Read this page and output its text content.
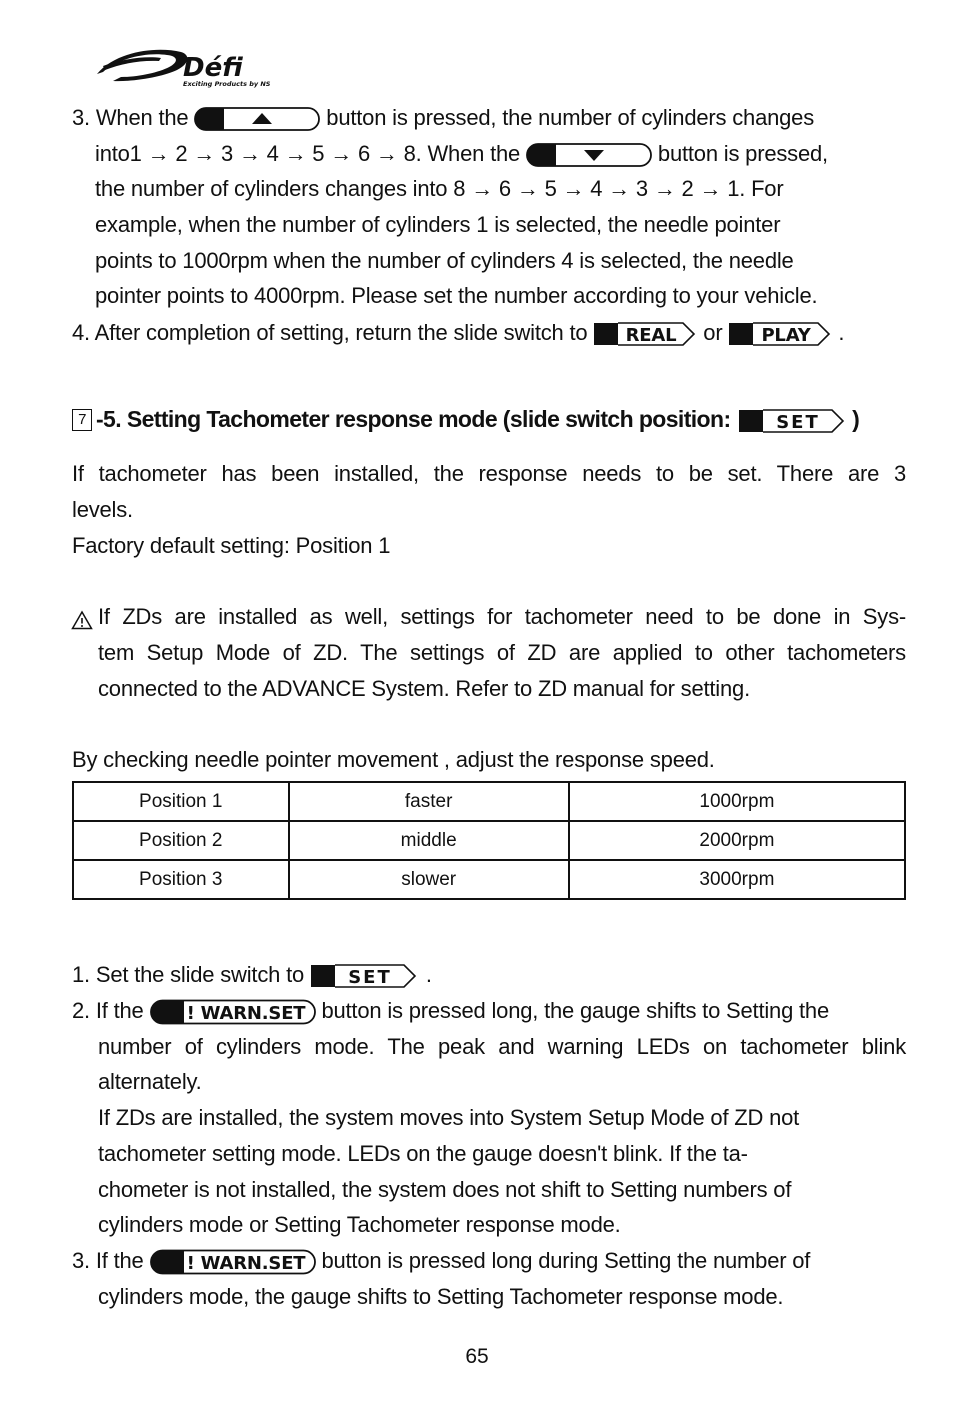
Défi
Exciting Products by NS
3. When the	button is pressed, the number of cylinders changes
into1 → 2 → 3 → 4 → 5 → 6 → 8. When the	button is pressed,
the number of cylinders changes into 8 → 6 → 5 → 4 → 3 → 2 → 1. For
example, when the number of cylinders 1 is selected, the needle pointer
points to 1000rpm when the number of cylinders 4 is selected, the needle
pointer points to 4000rpm. Please set the number according to your vehicle.
4. After completion of setting, return the slide switch to REAL or PLAY .
7 -5. Setting Tachometer response mode (slide switch position:	SET )
If tachometer has been installed, the response needs to be set. There are 3
levels.
Factory default setting: Position 1
If ZDs are installed as well, settings for tachometer need to be done in Sys-
tem Setup Mode of ZD. The settings of ZD are applied to other tachometers
connected to the ADVANCE System. Refer to ZD manual for setting.
By checking needle pointer movement , adjust the response speed.
Position 1	faster	1000rpm
Position 2	middle	2000rpm
Position 3	slower	3000rpm
1. Set the slide switch to SET .
2. If the ! WARN.SET button is pressed long, the gauge shifts to Setting the
number of cylinders mode. The peak and warning LEDs on tachometer blink
alternately.
If ZDs are installed, the system moves into System Setup Mode of ZD not
tachometer setting mode. LEDs on the gauge doesn't blink. If the ta-
chometer is not installed, the system does not shift to Setting numbers of
cylinders mode or Setting Tachometer response mode.
3. If the ! WARN.SET button is pressed long during Setting the number of
cylinders mode, the gauge shifts to Setting Tachometer response mode.
65
